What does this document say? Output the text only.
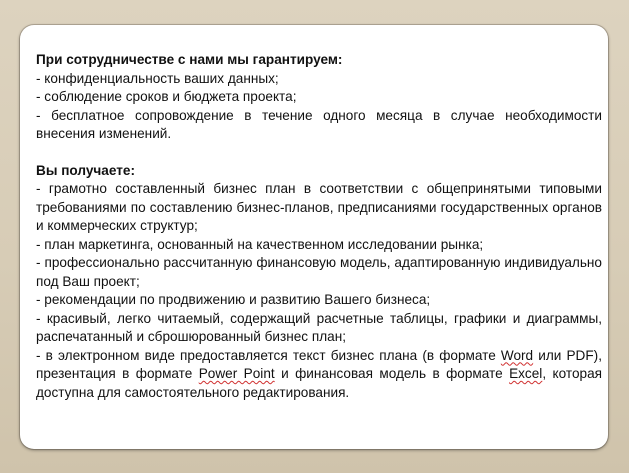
При сотрудничестве с нами мы гарантируем:

- конфиденциальность ваших данных;

- соблюдение сроков и бюджета проекта;

- бесплатное сопровождение в течение одного месяца в случае необходимости внесения изменений.

Вы получаете:

- грамотно составленный бизнес план в соответствии с общепринятыми типовыми требованиями по составлению бизнес-планов, предписаниями государственных органов и коммерческих структур;

- план маркетинга, основанный на качественном исследовании рынка;

- профессионально рассчитанную финансовую модель, адаптированную индивидуально под Ваш проект;

- рекомендации по продвижению и развитию Вашего бизнеса;

- красивый, легко читаемый, содержащий расчетные таблицы, графики и диаграммы, распечатанный и сброшюрованный бизнес план;

- в электронном виде предоставляется текст бизнес плана (в формате Word или PDF), презентация в формате Power Point и финансовая модель в формате Excel, которая доступна для самостоятельного редактирования.
